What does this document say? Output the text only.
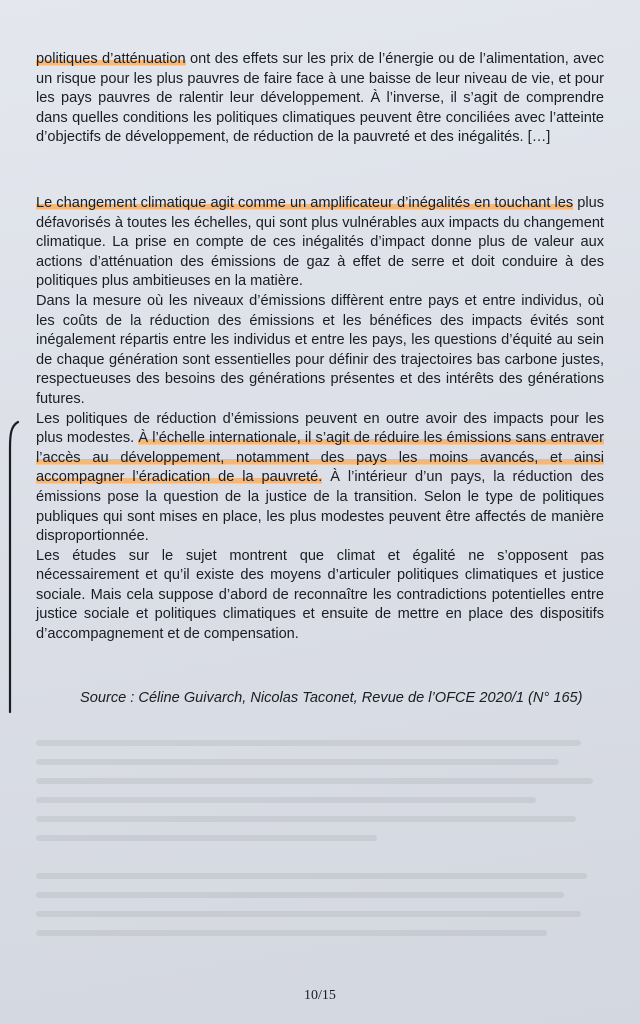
politiques d’atténuation ont des effets sur les prix de l’énergie ou de l’alimentation, avec un risque pour les plus pauvres de faire face à une baisse de leur niveau de vie, et pour les pays pauvres de ralentir leur développement. À l’inverse, il s’agit de comprendre dans quelles conditions les politiques climatiques peuvent être conciliées avec l’atteinte d’objectifs de développement, de réduction de la pauvreté et des inégalités. […]

Le changement climatique agit comme un amplificateur d’inégalités en touchant les plus défavorisés à toutes les échelles, qui sont plus vulnérables aux impacts du changement climatique. La prise en compte de ces inégalités d’impact donne plus de valeur aux actions d’atténuation des émissions de gaz à effet de serre et doit conduire à des politiques plus ambitieuses en la matière.

Dans la mesure où les niveaux d’émissions diffèrent entre pays et entre individus, où les coûts de la réduction des émissions et les bénéfices des impacts évités sont inégalement répartis entre les individus et entre les pays, les questions d’équité au sein de chaque génération sont essentielles pour définir des trajectoires bas carbone justes, respectueuses des besoins des générations présentes et des intérêts des générations futures.

Les politiques de réduction d’émissions peuvent en outre avoir des impacts pour les plus modestes. À l’échelle internationale, il s’agit de réduire les émissions sans entraver l’accès au développement, notamment des pays les moins avancés, et ainsi accompagner l’éradication de la pauvreté. À l’intérieur d’un pays, la réduction des émissions pose la question de la justice de la transition. Selon le type de politiques publiques qui sont mises en place, les plus modestes peuvent être affectés de manière disproportionnée.

Les études sur le sujet montrent que climat et égalité ne s’opposent pas nécessairement et qu’il existe des moyens d’articuler politiques climatiques et justice sociale. Mais cela suppose d’abord de reconnaître les contradictions potentielles entre justice sociale et politiques climatiques et ensuite de mettre en place des dispositifs d’accompagnement et de compensation.

Source : Céline Guivarch, Nicolas Taconet, Revue de l’OFCE 2020/1 (N° 165)
10/15
